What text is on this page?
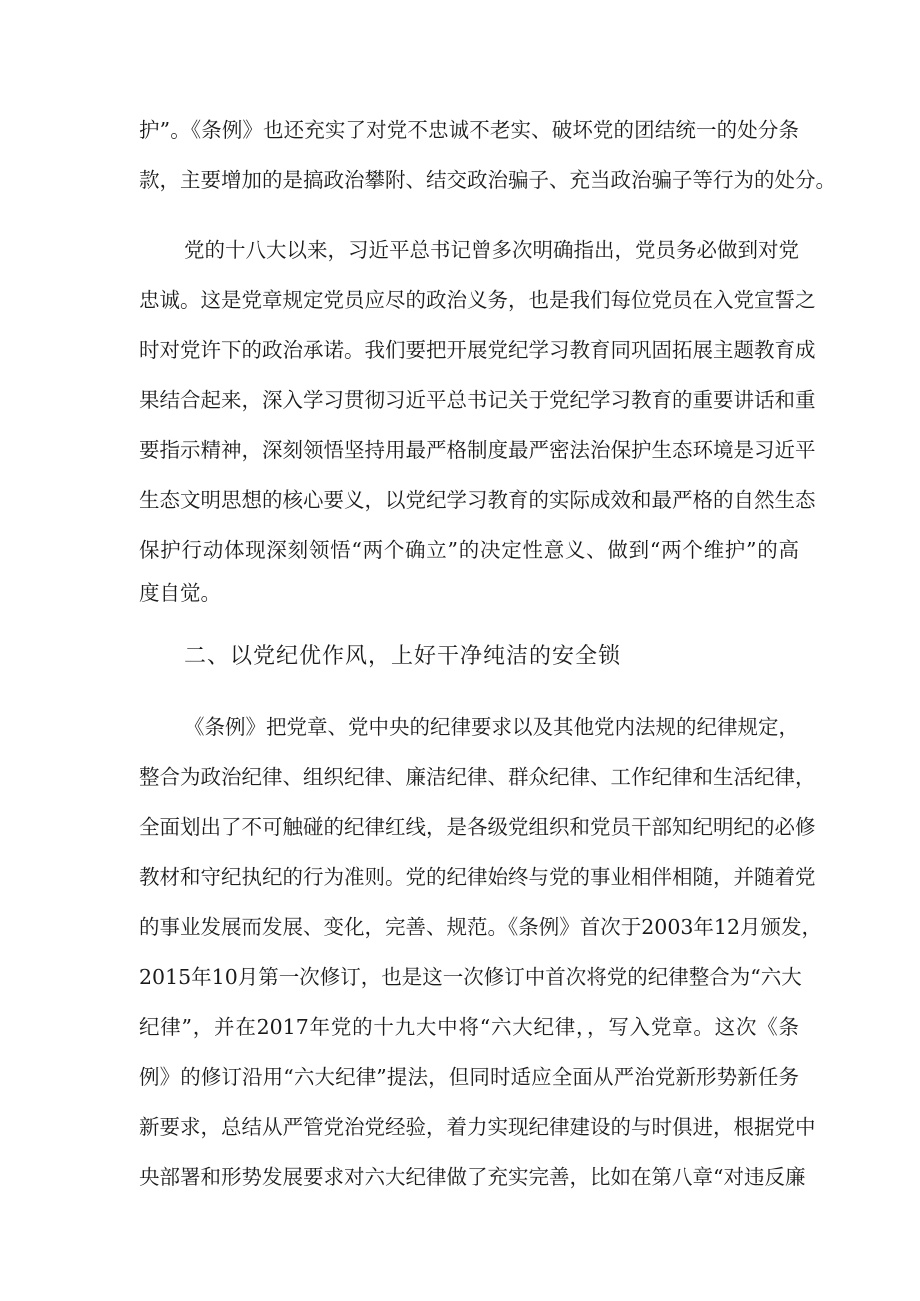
护”。《条例》也还充实了对党不忠诚不老实、破坏党的团结统一的处分条
款，主要增加的是搞政治攀附、结交政治骗子、充当政治骗子等行为的处分。
党的十八大以来，习近平总书记曾多次明确指出，党员务必做到对党
忠诚。这是党章规定党员应尽的政治义务，也是我们每位党员在入党宣誓之
时对党许下的政治承诺。我们要把开展党纪学习教育同巩固拓展主题教育成
果结合起来，深入学习贯彻习近平总书记关于党纪学习教育的重要讲话和重
要指示精神，深刻领悟坚持用最严格制度最严密法治保护生态环境是习近平
生态文明思想的核心要义，以党纪学习教育的实际成效和最严格的自然生态
保护行动体现深刻领悟“两个确立”的决定性意义、做到“两个维护”的高
度自觉。
二、以党纪优作风，上好干净纯洁的安全锁
《条例》把党章、党中央的纪律要求以及其他党内法规的纪律规定，
整合为政治纪律、组织纪律、廉洁纪律、群众纪律、工作纪律和生活纪律，
全面划出了不可触碰的纪律红线，是各级党组织和党员干部知纪明纪的必修
教材和守纪执纪的行为准则。党的纪律始终与党的事业相伴相随，并随着党
的事业发展而发展、变化，完善、规范。《条例》首次于2003年12月颁发，
2015年10月第一次修订，也是这一次修订中首次将党的纪律整合为“六大
纪律”，并在2017年党的十九大中将“六大纪律，，写入党章。这次《条
例》的修订沿用“六大纪律”提法，但同时适应全面从严治党新形势新任务
新要求，总结从严管党治党经验，着力实现纪律建设的与时俱进，根据党中
央部署和形势发展要求对六大纪律做了充实完善，比如在第八章“对违反廉
